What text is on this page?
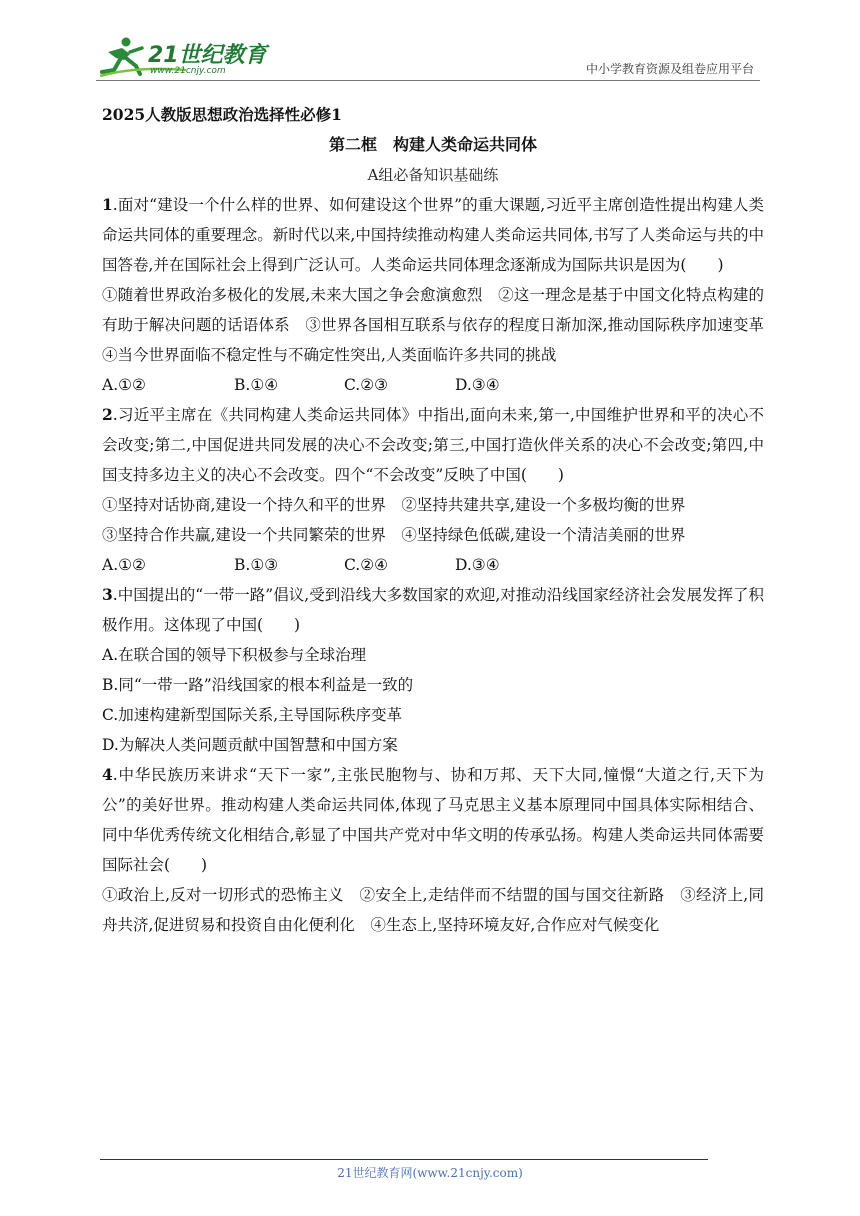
21世纪教育
www.21cnjy.com	中小学教育资源及组卷应用平台
2025人教版思想政治选择性必修1
第二框　构建人类命运共同体
A组必备知识基础练
1.面对“建设一个什么样的世界、如何建设这个世界”的重大课题,习近平主席创造性提出构建人类命运共同体的重要理念。新时代以来,中国持续推动构建人类命运共同体,书写了人类命运与共的中国答卷,并在国际社会上得到广泛认可。人类命运共同体理念逐渐成为国际共识是因为(　　)
①随着世界政治多极化的发展,未来大国之争会愈演愈烈　②这一理念是基于中国文化特点构建的有助于解决问题的话语体系　③世界各国相互联系与依存的程度日渐加深,推动国际秩序加速变革　④当今世界面临不稳定性与不确定性突出,人类面临许多共同的挑战
A.①②	B.①④	C.②③	D.③④
2.习近平主席在《共同构建人类命运共同体》中指出,面向未来,第一,中国维护世界和平的决心不会改变;第二,中国促进共同发展的决心不会改变;第三,中国打造伙伴关系的决心不会改变;第四,中国支持多边主义的决心不会改变。四个“不会改变”反映了中国(　　)
①坚持对话协商,建设一个持久和平的世界　②坚持共建共享,建设一个多极均衡的世界
③坚持合作共赢,建设一个共同繁荣的世界　④坚持绿色低碳,建设一个清洁美丽的世界
A.①②	B.①③	C.②④	D.③④
3.中国提出的“一带一路”倡议,受到沿线大多数国家的欢迎,对推动沿线国家经济社会发展发挥了积极作用。这体现了中国(　　)
A.在联合国的领导下积极参与全球治理
B.同“一带一路”沿线国家的根本利益是一致的
C.加速构建新型国际关系,主导国际秩序变革
D.为解决人类问题贡献中国智慧和中国方案
4.中华民族历来讲求“天下一家”,主张民胞物与、协和万邦、天下大同,憧憬“大道之行,天下为公”的美好世界。推动构建人类命运共同体,体现了马克思主义基本原理同中国具体实际相结合、同中华优秀传统文化相结合,彰显了中国共产党对中华文明的传承弘扬。构建人类命运共同体需要国际社会(　　)
①政治上,反对一切形式的恐怖主义　②安全上,走结伴而不结盟的国与国交往新路　③经济上,同舟共济,促进贸易和投资自由化便利化　④生态上,坚持环境友好,合作应对气候变化
21世纪教育网(www.21cnjy.com)
